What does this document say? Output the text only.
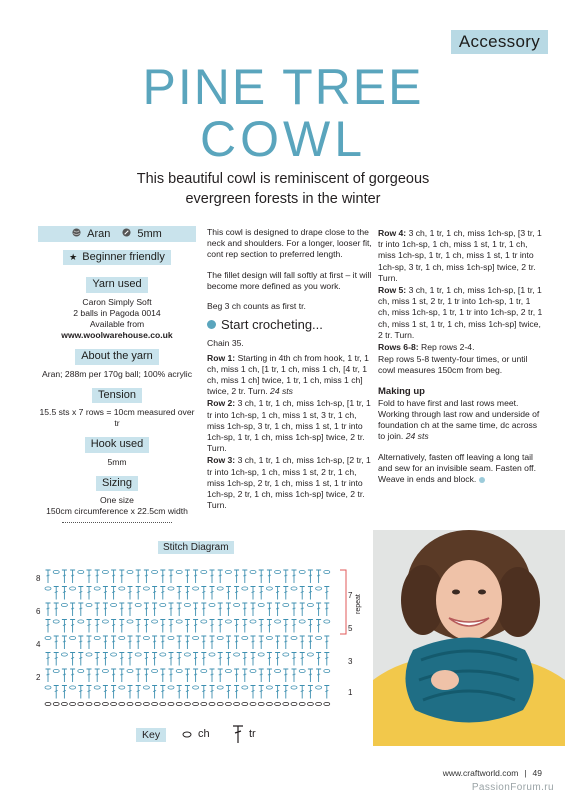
Accessory
PINE TREE
COWL
This beautiful cowl is reminiscent of gorgeous
evergreen forests in the winter
Aran 5mm
★ Beginner friendly
Yarn used
Caron Simply Soft
2 balls in Pagoda 0014
Available from
www.woolwarehouse.co.uk
About the yarn
Aran; 288m per 170g ball; 100% acrylic
Tension
15.5 sts x 7 rows = 10cm measured over tr
Hook used
5mm
Sizing
One size
150cm circumference x 22.5cm width

This cowl is designed to drape close to the neck and shoulders. For a longer, looser fit, cont rep section to preferred length.

The fillet design will fall softly at first – it will become more defined as you work.

Beg 3 ch counts as first tr.

Start crocheting...

Chain 35.

Row 1: Starting in 4th ch from hook, 1 tr, 1 ch, miss 1 ch, [1 tr, 1 ch, miss 1 ch, [4 tr, 1 ch, miss 1 ch] twice, 1 tr, 1 ch, miss 1 ch] twice, 2 tr. Turn. 24 sts

Row 2: 3 ch, 1 tr, 1 ch, miss 1ch-sp, [1 tr, 1 tr into 1ch-sp, 1 ch, miss 1 st, 3 tr, 1 ch, miss 1ch-sp, 3 tr, 1 ch, miss 1 st, 1 tr into 1ch-sp, 1 tr, 1 ch, miss 1ch-sp] twice, 2 tr. Turn.

Row 3: 3 ch, 1 tr, 1 ch, miss 1ch-sp, [2 tr, 1 tr into 1ch-sp, 1 ch, miss 1 st, 2 tr, 1 ch, miss 1ch-sp, 2 tr, 1 ch, miss 1 st, 1 tr into 1ch-sp, 2 tr, 1 ch, miss 1ch-sp] twice, 2 tr. Turn.

Row 4: 3 ch, 1 tr, 1 ch, miss 1ch-sp, [3 tr, 1 tr into 1ch-sp, 1 ch, miss 1 st, 1 tr, 1 ch, miss 1ch-sp, 1 tr, 1 ch, miss 1 st, 1 tr into 1ch-sp, 3 tr, 1 ch, miss 1ch-sp] twice, 2 tr. Turn.

Row 5: 3 ch, 1 tr, 1 ch, miss 1ch-sp, [1 tr, 1 ch, miss 1 st, 2 tr, 1 tr into 1ch-sp, 1 tr, 1 ch, miss 1ch-sp, 1 tr, 1 tr into 1ch-sp, 2 tr, 1 ch, miss 1 st, 1 tr, 1 ch, miss 1ch-sp] twice, 2 tr. Turn.

Rows 6-8: Rep rows 2-4.

Rep rows 5-8 twenty-four times, or until cowl measures 150cm from beg.

Making up

Fold to have first and last rows meet. Working through last row and underside of foundation ch at the same time, dc across to join. 24 sts

Alternatively, fasten off leaving a long tail and sew for an invisible seam. Fasten off. Weave in ends and block.

Stitch Diagram
8
6
4
2
7
5
3
1
repeat
Key	ch	tr
www.craftworld.com | 49
PassionForum.ru
